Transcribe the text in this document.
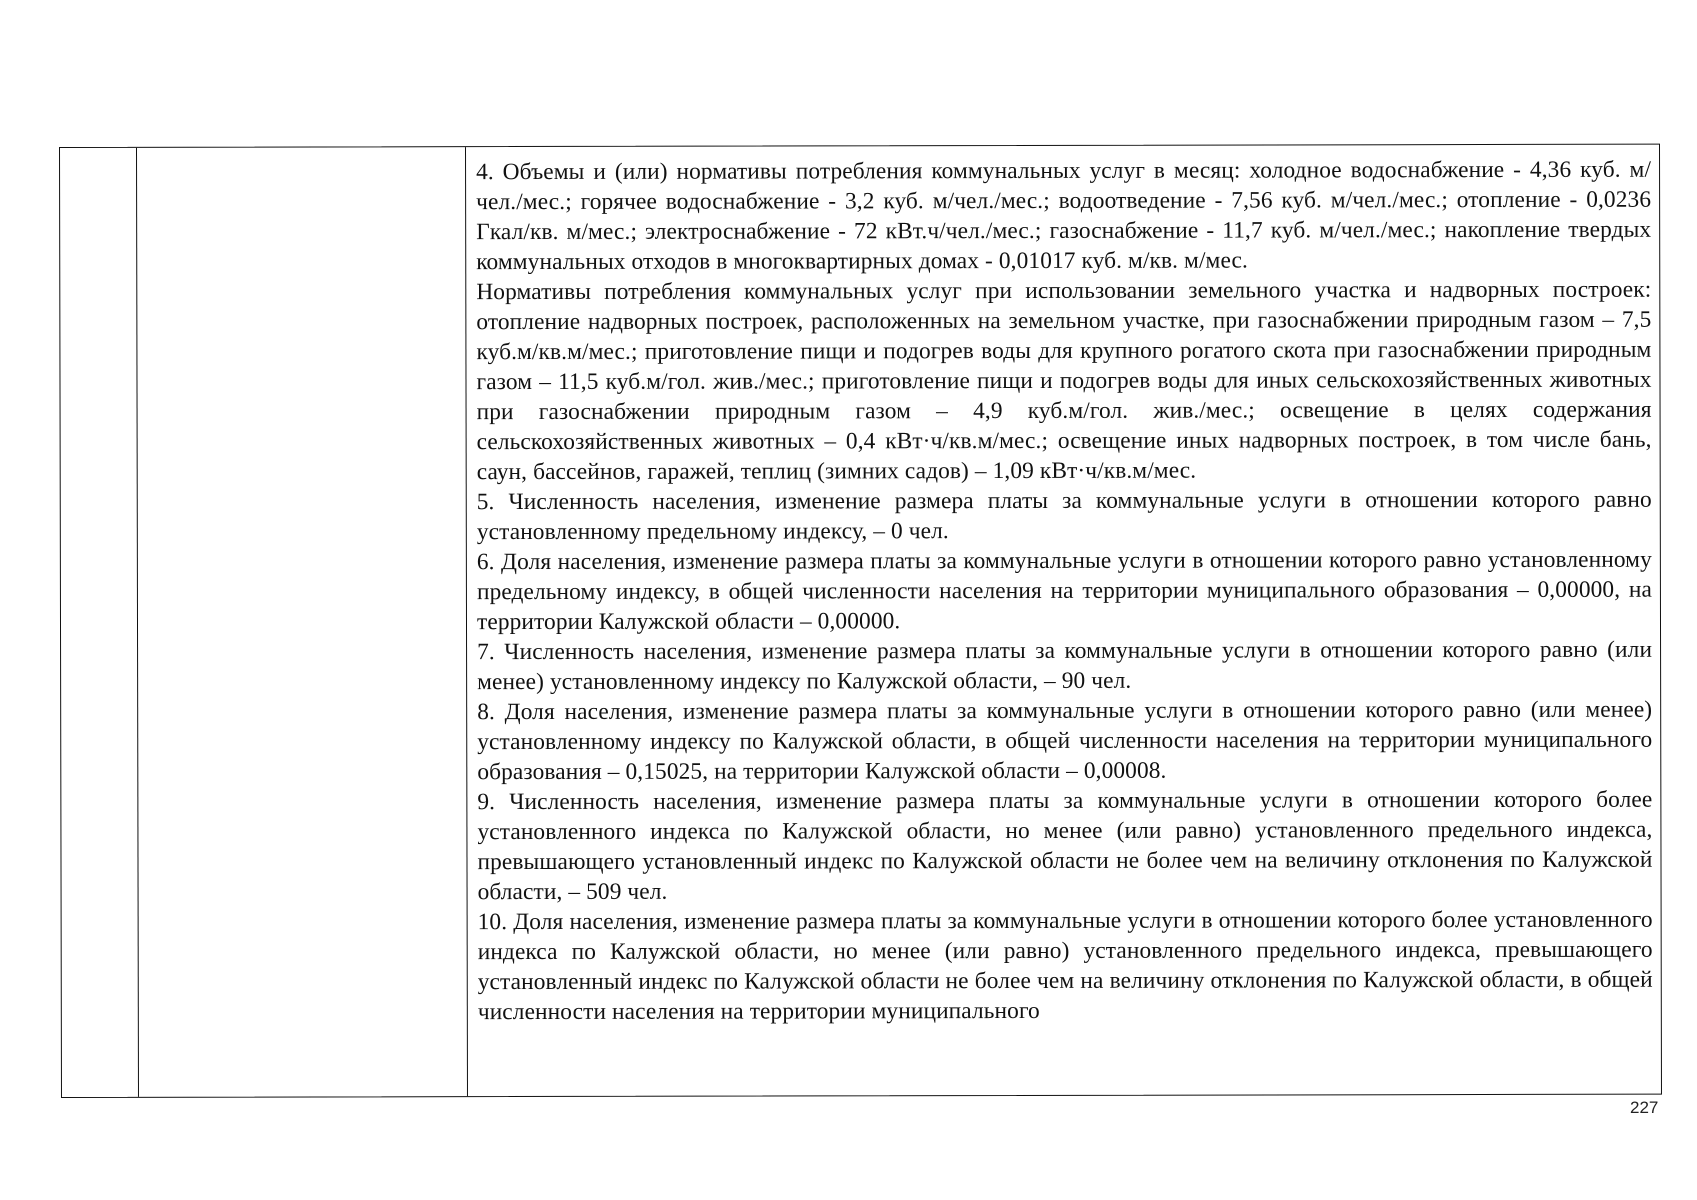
4. Объемы и (или) нормативы потребления коммунальных услуг в месяц: холодное водоснабжение - 4,36 куб. м/чел./мес.; горячее водоснабжение - 3,2 куб. м/чел./мес.; водоотведение - 7,56 куб. м/чел./мес.; отопление - 0,0236 Гкал/кв. м/мес.; электроснабжение - 72 кВт.ч/чел./мес.; газоснабжение - 11,7 куб. м/чел./мес.; накопление твердых коммунальных отходов в многоквартирных домах - 0,01017 куб. м/кв. м/мес.

Нормативы потребления коммунальных услуг при использовании земельного участка и надворных построек: отопление надворных построек, расположенных на земельном участке, при газоснабжении природным газом – 7,5 куб.м/кв.м/мес.; приготовление пищи и подогрев воды для крупного рогатого скота при газоснабжении природным газом – 11,5 куб.м/гол. жив./мес.; приготовление пищи и подогрев воды для иных сельскохозяйственных животных при газоснабжении природным газом – 4,9 куб.м/гол. жив./мес.; освещение в целях содержания сельскохозяйственных животных – 0,4 кВт·ч/кв.м/мес.; освещение иных надворных построек, в том числе бань, саун, бассейнов, гаражей, теплиц (зимних садов) – 1,09 кВт·ч/кв.м/мес.

5. Численность населения, изменение размера платы за коммунальные услуги в отношении которого равно установленному предельному индексу, – 0 чел.

6. Доля населения, изменение размера платы за коммунальные услуги в отношении которого равно установленному предельному индексу, в общей численности населения на территории муниципального образования – 0,00000, на территории Калужской области – 0,00000.

7. Численность населения, изменение размера платы за коммунальные услуги в отношении которого равно (или менее) установленному индексу по Калужской области, – 90 чел.

8. Доля населения, изменение размера платы за коммунальные услуги в отношении которого равно (или менее) установленному индексу по Калужской области, в общей численности населения на территории муниципального образования – 0,15025, на территории Калужской области – 0,00008.

9. Численность населения, изменение размера платы за коммунальные услуги в отношении которого более установленного индекса по Калужской области, но менее (или равно) установленного предельного индекса, превышающего установленный индекс по Калужской области не более чем на величину отклонения по Калужской области, – 509 чел.

10. Доля населения, изменение размера платы за коммунальные услуги в отношении которого более установленного индекса по Калужской области, но менее (или равно) установленного предельного индекса, превышающего установленный индекс по Калужской области не более чем на величину отклонения по Калужской области, в общей численности населения на территории муниципального

227
